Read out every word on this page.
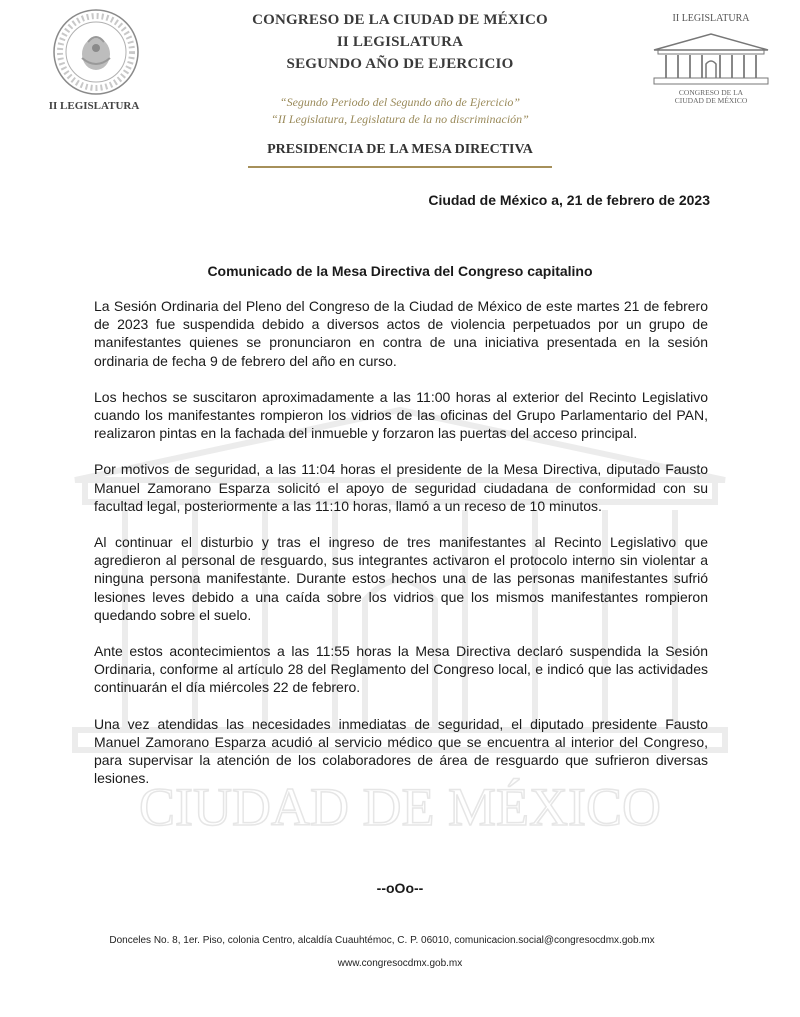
II LEGISLATURA
CONGRESO DE LA CIUDAD DE MÉXICO
II LEGISLATURA
SEGUNDO AÑO DE EJERCICIO
“Segundo Periodo del Segundo año de Ejercicio”
“II Legislatura, Legislatura de la no discriminación”
II LEGISLATURA
CONGRESO DE LA
CIUDAD DE MÉXICO
PRESIDENCIA DE LA MESA DIRECTIVA
CIUDAD DE MÉXICO
Ciudad de México a, 21 de febrero de 2023
Comunicado de la Mesa Directiva del Congreso capitalino

La Sesión Ordinaria del Pleno del Congreso de la Ciudad de México de este martes 21 de febrero de 2023 fue suspendida debido a diversos actos de violencia perpetuados por un grupo de manifestantes quienes se pronunciaron en contra de una iniciativa presentada en la sesión ordinaria de fecha 9 de febrero del año en curso.

Los hechos se suscitaron aproximadamente a las 11:00 horas al exterior del Recinto Legislativo cuando los manifestantes rompieron los vidrios de las oficinas del Grupo Parlamentario del PAN, realizaron pintas en la fachada del inmueble y forzaron las puertas del acceso principal.

Por motivos de seguridad, a las 11:04 horas el presidente de la Mesa Directiva, diputado Fausto Manuel Zamorano Esparza solicitó el apoyo de seguridad ciudadana de conformidad con su facultad legal, posteriormente a las 11:10 horas, llamó a un receso de 10 minutos.

Al continuar el disturbio y tras el ingreso de tres manifestantes al Recinto Legislativo que agredieron al personal de resguardo, sus integrantes activaron el protocolo interno sin violentar a ninguna persona manifestante. Durante estos hechos una de las personas manifestantes sufrió lesiones leves debido a una caída sobre los vidrios que los mismos manifestantes rompieron quedando sobre el suelo.

Ante estos acontecimientos a las 11:55 horas la Mesa Directiva declaró suspendida la Sesión Ordinaria, conforme al artículo 28 del Reglamento del Congreso local, e indicó que las actividades continuarán el día miércoles 22 de febrero.

Una vez atendidas las necesidades inmediatas de seguridad, el diputado presidente Fausto Manuel Zamorano Esparza acudió al servicio médico que se encuentra al interior del Congreso, para supervisar la atención de los colaboradores de área de resguardo que sufrieron diversas lesiones.

--oOo--
Donceles No. 8, 1er. Piso, colonia Centro, alcaldía Cuauhtémoc, C. P. 06010, comunicacion.social@congresocdmx.gob.mx
www.congresocdmx.gob.mx
